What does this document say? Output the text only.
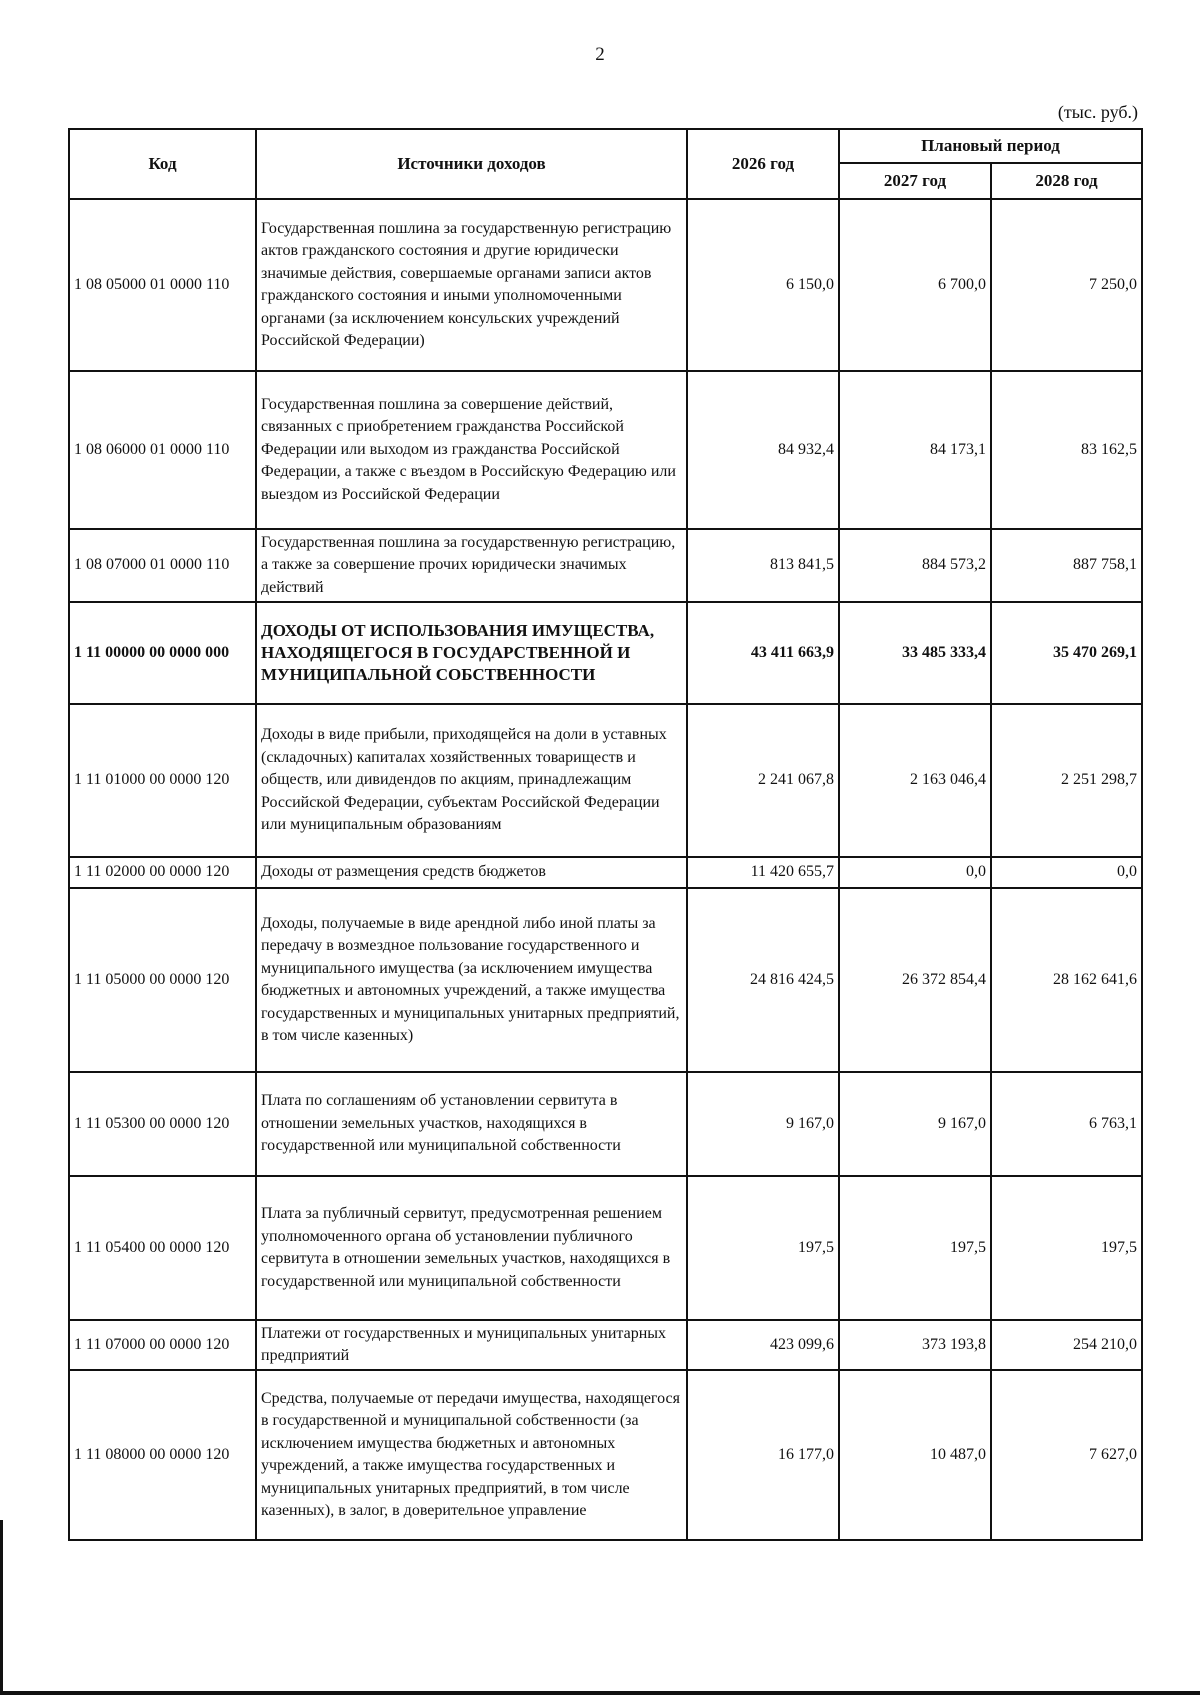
2
(тыс. руб.)
Код	Источники доходов	2026 год	Плановый период	
			2027 год	2028 год
1 08 05000 01 0000 110	Государственная пошлина за государственную регистрацию актов гражданского состояния и другие юридически значимые действия, совершаемые органами записи актов гражданского состояния и иными уполномоченными органами (за исключением консульских учреждений Российской Федерации)	6 150,0	6 700,0	7 250,0
1 08 06000 01 0000 110	Государственная пошлина за совершение действий, связанных с приобретением гражданства Российской Федерации или выходом из гражданства Российской Федерации, а также с въездом в Российскую Федерацию или выездом из Российской Федерации	84 932,4	84 173,1	83 162,5
1 08 07000 01 0000 110	Государственная пошлина за государственную регистрацию, а также за совершение прочих юридически значимых действий	813 841,5	884 573,2	887 758,1
1 11 00000 00 0000 000	ДОХОДЫ ОТ ИСПОЛЬЗОВАНИЯ ИМУЩЕСТВА, НАХОДЯЩЕГОСЯ В ГОСУДАРСТВЕННОЙ И МУНИЦИПАЛЬНОЙ СОБСТВЕННОСТИ	43 411 663,9	33 485 333,4	35 470 269,1
1 11 01000 00 0000 120	Доходы в виде прибыли, приходящейся на доли в уставных (складочных) капиталах хозяйственных товариществ и обществ, или дивидендов по акциям, принадлежащим Российской Федерации, субъектам Российской Федерации или муниципальным образованиям	2 241 067,8	2 163 046,4	2 251 298,7
1 11 02000 00 0000 120	Доходы от размещения средств бюджетов	11 420 655,7	0,0	0,0
1 11 05000 00 0000 120	Доходы, получаемые в виде арендной либо иной платы за передачу в возмездное пользование государственного и муниципального имущества (за исключением имущества бюджетных и автономных учреждений, а также имущества государственных и муниципальных унитарных предприятий, в том числе казенных)	24 816 424,5	26 372 854,4	28 162 641,6
1 11 05300 00 0000 120	Плата по соглашениям об установлении сервитута в отношении земельных участков, находящихся в государственной или муниципальной собственности	9 167,0	9 167,0	6 763,1
1 11 05400 00 0000 120	Плата за публичный сервитут, предусмотренная решением уполномоченного органа об установлении публичного сервитута в отношении земельных участков, находящихся в государственной или муниципальной собственности	197,5	197,5	197,5
1 11 07000 00 0000 120	Платежи от государственных и муниципальных унитарных предприятий	423 099,6	373 193,8	254 210,0
1 11 08000 00 0000 120	Средства, получаемые от передачи имущества, находящегося в государственной и муниципальной собственности (за исключением имущества бюджетных и автономных учреждений, а также имущества государственных и муниципальных унитарных предприятий, в том числе казенных), в залог, в доверительное управление	16 177,0	10 487,0	7 627,0
